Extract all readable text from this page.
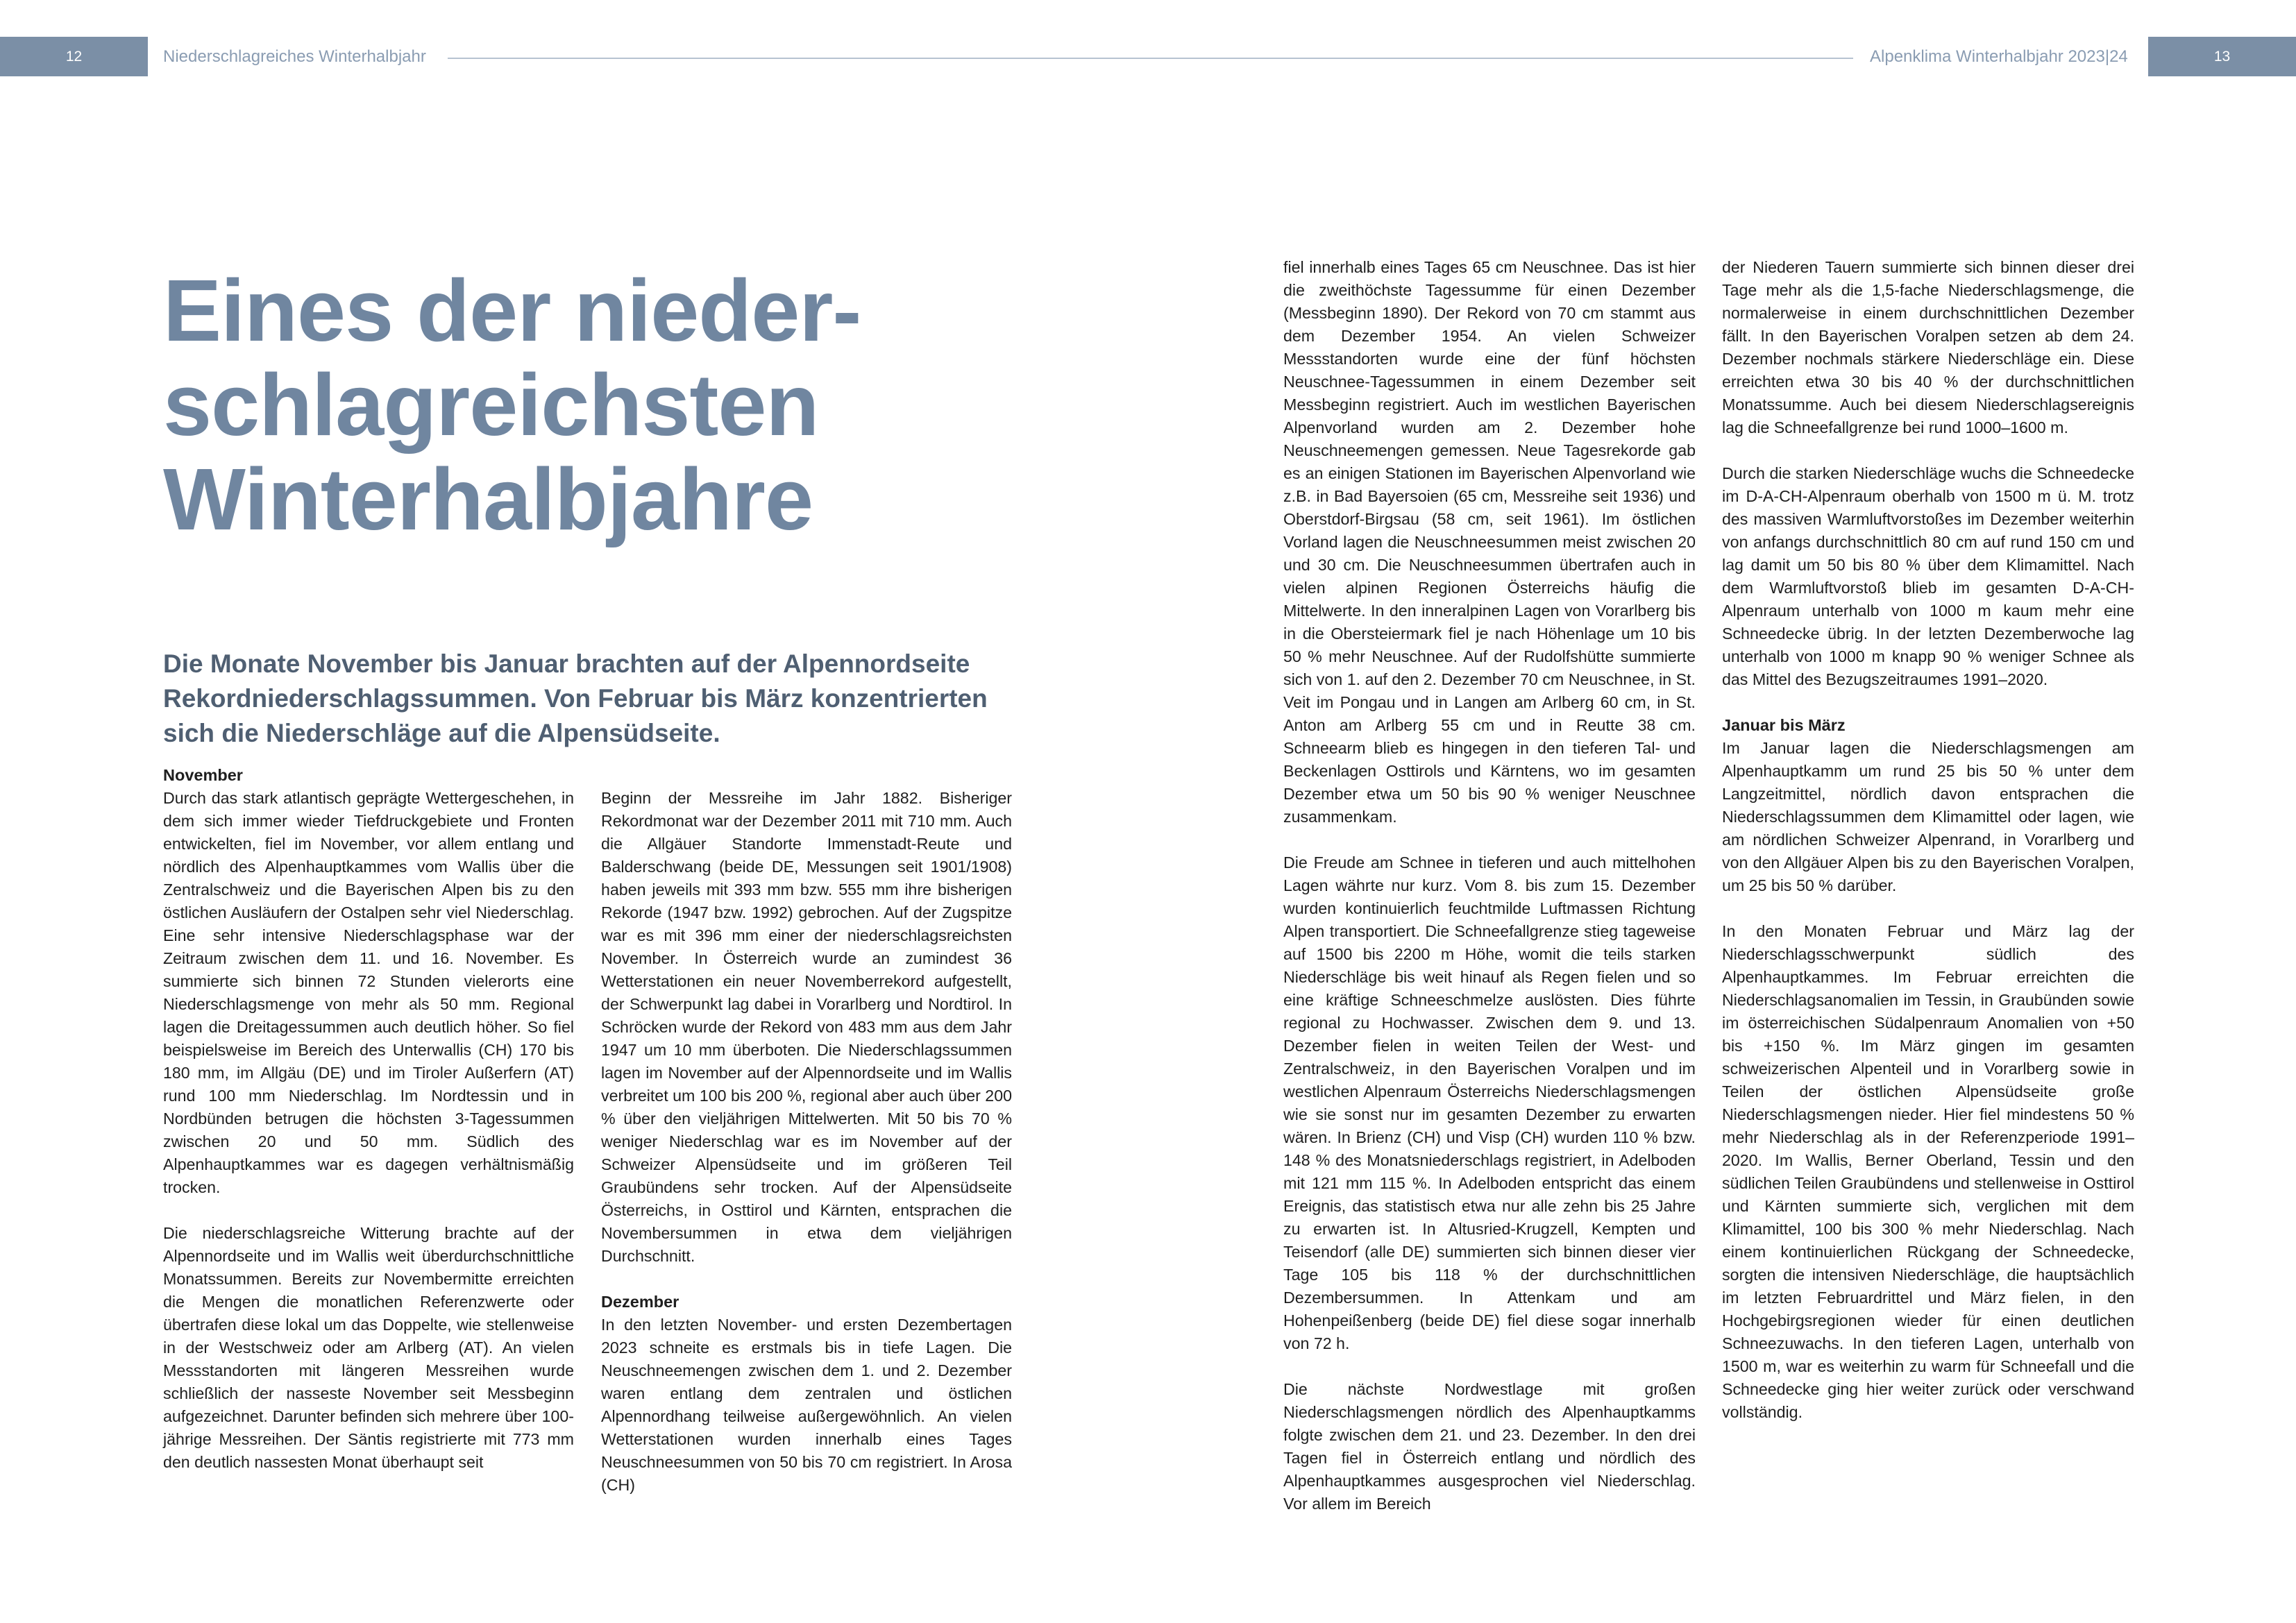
12	Niederschlagreiches Winterhalbjahr	Alpenklima Winterhalbjahr 2023|24	13
Eines der nieder-
schlagreichsten
Winterhalbjahre

Die Monate November bis Januar brachten auf der Alpennordseite Rekordniederschlagssummen. Von Februar bis März konzentrierten sich die Niederschläge auf die Alpensüdseite.

November

Durch das stark atlantisch geprägte Wettergeschehen, in dem sich immer wieder Tiefdruckgebiete und Fronten entwickelten, fiel im November, vor allem entlang und nördlich des Alpenhauptkammes vom Wallis über die Zentralschweiz und die Bayerischen Alpen bis zu den östlichen Ausläufern der Ostalpen sehr viel Niederschlag. Eine sehr intensive Niederschlagsphase war der Zeitraum zwischen dem 11. und 16. November. Es summierte sich binnen 72 Stunden vielerorts eine Niederschlagsmenge von mehr als 50 mm. Regional lagen die Dreitagessummen auch deutlich höher. So fiel beispielsweise im Bereich des Unterwallis (CH) 170 bis 180 mm, im Allgäu (DE) und im Tiroler Außerfern (AT) rund 100 mm Niederschlag. Im Nordtessin und in Nordbünden betrugen die höchsten 3-Tagessummen zwischen 20 und 50 mm. Südlich des Alpenhauptkammes war es dagegen verhältnismäßig trocken.

Die niederschlagsreiche Witterung brachte auf der Alpennordseite und im Wallis weit überdurchschnittliche Monatssummen. Bereits zur Novembermitte erreichten die Mengen die monatlichen Referenzwerte oder übertrafen diese lokal um das Doppelte, wie stellenweise in der Westschweiz oder am Arlberg (AT). An vielen Messstandorten mit längeren Messreihen wurde schließlich der nasseste November seit Messbeginn aufgezeichnet. Darunter befinden sich mehrere über 100-jährige Messreihen. Der Säntis registrierte mit 773 mm den deutlich nassesten Monat überhaupt seit

Beginn der Messreihe im Jahr 1882. Bisheriger Rekordmonat war der Dezember 2011 mit 710 mm. Auch die Allgäuer Standorte Immenstadt-Reute und Balderschwang (beide DE, Messungen seit 1901/1908) haben jeweils mit 393 mm bzw. 555 mm ihre bisherigen Rekorde (1947 bzw. 1992) gebrochen. Auf der Zugspitze war es mit 396 mm einer der niederschlagsreichsten November. In Österreich wurde an zumindest 36 Wetterstationen ein neuer Novemberrekord aufgestellt, der Schwerpunkt lag dabei in Vorarlberg und Nordtirol. In Schröcken wurde der Rekord von 483 mm aus dem Jahr 1947 um 10 mm überboten. Die Niederschlagssummen lagen im November auf der Alpennordseite und im Wallis verbreitet um 100 bis 200 %, regional aber auch über 200 % über den vieljährigen Mittelwerten. Mit 50 bis 70 % weniger Niederschlag war es im November auf der Schweizer Alpensüdseite und im größeren Teil Graubündens sehr trocken. Auf der Alpensüdseite Österreichs, in Osttirol und Kärnten, entsprachen die Novembersummen in etwa dem vieljährigen Durchschnitt.

Dezember

In den letzten November- und ersten Dezembertagen 2023 schneite es erstmals bis in tiefe Lagen. Die Neuschneemengen zwischen dem 1. und 2. Dezember waren entlang dem zentralen und östlichen Alpennordhang teilweise außergewöhnlich. An vielen Wetterstationen wurden innerhalb eines Tages Neuschneesummen von 50 bis 70 cm registriert. In Arosa (CH)

fiel innerhalb eines Tages 65 cm Neuschnee. Das ist hier die zweithöchste Tagessumme für einen Dezember (Messbeginn 1890). Der Rekord von 70 cm stammt aus dem Dezember 1954. An vielen Schweizer Messstandorten wurde eine der fünf höchsten Neuschnee-Tagessummen in einem Dezember seit Messbeginn registriert. Auch im westlichen Bayerischen Alpenvorland wurden am 2. Dezember hohe Neuschneemengen gemessen. Neue Tagesrekorde gab es an einigen Stationen im Bayerischen Alpenvorland wie z.B. in Bad Bayersoien (65 cm, Messreihe seit 1936) und Oberstdorf-Birgsau (58 cm, seit 1961). Im östlichen Vorland lagen die Neuschneesummen meist zwischen 20 und 30 cm. Die Neuschneesummen übertrafen auch in vielen alpinen Regionen Österreichs häufig die Mittelwerte. In den inneralpinen Lagen von Vorarlberg bis in die Obersteiermark fiel je nach Höhenlage um 10 bis 50 % mehr Neuschnee. Auf der Rudolfshütte summierte sich von 1. auf den 2. Dezember 70 cm Neuschnee, in St. Veit im Pongau und in Langen am Arlberg 60 cm, in St. Anton am Arlberg 55 cm und in Reutte 38 cm. Schneearm blieb es hingegen in den tieferen Tal- und Beckenlagen Osttirols und Kärntens, wo im gesamten Dezember etwa um 50 bis 90 % weniger Neuschnee zusammenkam.

Die Freude am Schnee in tieferen und auch mittelhohen Lagen währte nur kurz. Vom 8. bis zum 15. Dezember wurden kontinuierlich feuchtmilde Luftmassen Richtung Alpen transportiert. Die Schneefallgrenze stieg tageweise auf 1500 bis 2200 m Höhe, womit die teils starken Niederschläge bis weit hinauf als Regen fielen und so eine kräftige Schneeschmelze auslösten. Dies führte regional zu Hochwasser. Zwischen dem 9. und 13. Dezember fielen in weiten Teilen der West- und Zentralschweiz, in den Bayerischen Voralpen und im westlichen Alpenraum Österreichs Niederschlagsmengen wie sie sonst nur im gesamten Dezember zu erwarten wären. In Brienz (CH) und Visp (CH) wurden 110 % bzw. 148 % des Monatsniederschlags registriert, in Adelboden mit 121 mm 115 %. In Adelboden entspricht das einem Ereignis, das statistisch etwa nur alle zehn bis 25 Jahre zu erwarten ist. In Altusried-Krugzell, Kempten und Teisendorf (alle DE) summierten sich binnen dieser vier Tage 105 bis 118 % der durchschnittlichen Dezembersummen. In Attenkam und am Hohenpeißenberg (beide DE) fiel diese sogar innerhalb von 72 h.

Die nächste Nordwestlage mit großen Niederschlagsmengen nördlich des Alpenhauptkamms folgte zwischen dem 21. und 23. Dezember. In den drei Tagen fiel in Österreich entlang und nördlich des Alpenhauptkammes ausgesprochen viel Niederschlag. Vor allem im Bereich

der Niederen Tauern summierte sich binnen dieser drei Tage mehr als die 1,5-fache Niederschlagsmenge, die normalerweise in einem durchschnittlichen Dezember fällt. In den Bayerischen Voralpen setzen ab dem 24. Dezember nochmals stärkere Niederschläge ein. Diese erreichten etwa 30 bis 40 % der durchschnittlichen Monatssumme. Auch bei diesem Niederschlagsereignis lag die Schneefallgrenze bei rund 1000–1600 m.

Durch die starken Niederschläge wuchs die Schneedecke im D-A-CH-Alpenraum oberhalb von 1500 m ü. M. trotz des massiven Warmluftvorstoßes im Dezember weiterhin von anfangs durchschnittlich 80 cm auf rund 150 cm und lag damit um 50 bis 80 % über dem Klimamittel. Nach dem Warmluftvorstoß blieb im gesamten D-A-CH-Alpenraum unterhalb von 1000 m kaum mehr eine Schneedecke übrig. In der letzten Dezemberwoche lag unterhalb von 1000 m knapp 90 % weniger Schnee als das Mittel des Bezugszeitraumes 1991–2020.

Januar bis März

Im Januar lagen die Niederschlagsmengen am Alpenhauptkamm um rund 25 bis 50 % unter dem Langzeitmittel, nördlich davon entsprachen die Niederschlagssummen dem Klimamittel oder lagen, wie am nördlichen Schweizer Alpenrand, in Vorarlberg und von den Allgäuer Alpen bis zu den Bayerischen Voralpen, um 25 bis 50 % darüber.

In den Monaten Februar und März lag der Niederschlagsschwerpunkt südlich des Alpenhauptkammes. Im Februar erreichten die Niederschlagsanomalien im Tessin, in Graubünden sowie im österreichischen Südalpenraum Anomalien von +50 bis +150 %. Im März gingen im gesamten schweizerischen Alpenteil und in Vorarlberg sowie in Teilen der östlichen Alpensüdseite große Niederschlagsmengen nieder. Hier fiel mindestens 50 % mehr Niederschlag als in der Referenzperiode 1991–2020. Im Wallis, Berner Oberland, Tessin und den südlichen Teilen Graubündens und stellenweise in Osttirol und Kärnten summierte sich, verglichen mit dem Klimamittel, 100 bis 300 % mehr Niederschlag. Nach einem kontinuierlichen Rückgang der Schneedecke, sorgten die intensiven Niederschläge, die hauptsächlich im letzten Februardrittel und März fielen, in den Hochgebirgsregionen wieder für einen deutlichen Schneezuwachs. In den tieferen Lagen, unterhalb von 1500 m, war es weiterhin zu warm für Schneefall und die Schneedecke ging hier weiter zurück oder verschwand vollständig.
